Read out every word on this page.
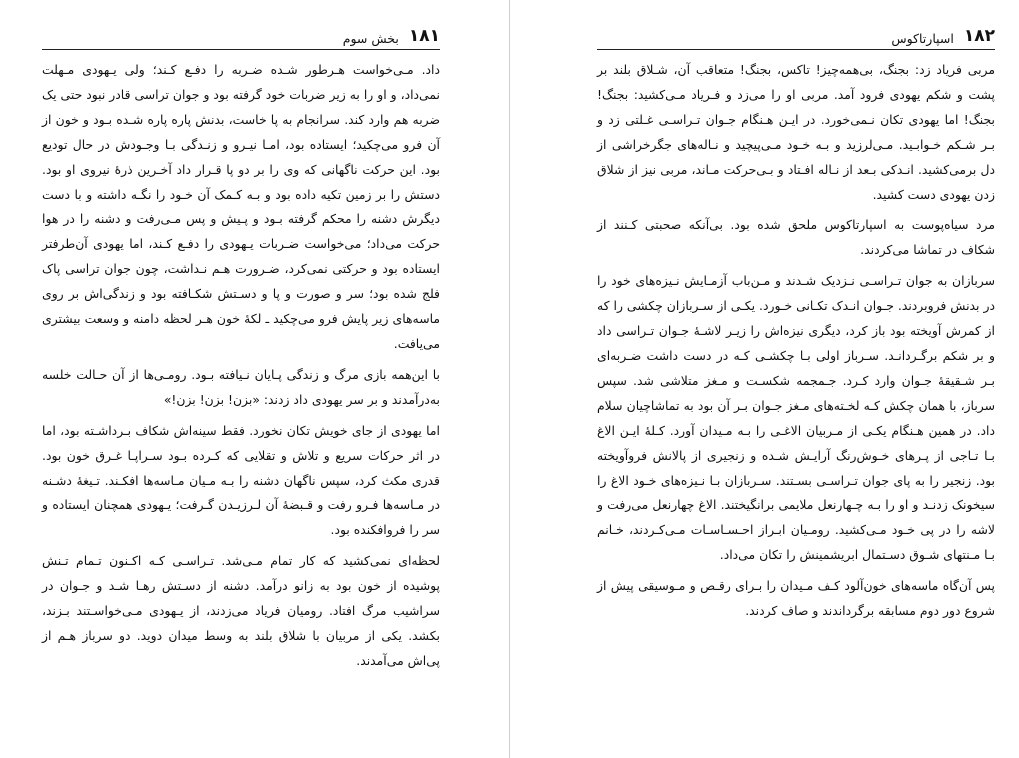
۱۸۱
بخش سوم

داد. مـی‌خواست هـرطور شـده ضـربه را دفـع کـند؛ ولی یـهودی مـهلت نمی‌داد، و او را به زیر ضربات خود گرفته بود و جوان تراسی قادر نبود حتی یک ضربه هم وارد کند. سرانجام به پا خاست، بدنش پاره پاره شـده بـود و خون از آن فرو می‌چکید؛ ایستاده بود، امـا نیـرو و زنـدگی بـا وجـودش در حال تودیع بود. این حرکت ناگهانی که وی را بر دو پا قـرار داد آخـرین ذرهٔ نیروی او بود. دستش را بر زمین تکیه داده بود و بـه کـمک آن خـود را نگـه داشته و با دست دیگرش دشنه را محکم گرفته بـود و پـیش و پس مـی‌رفت و دشنه را در هوا حرکت می‌داد؛ می‌خواست ضـربات یـهودی را دفـع کـند، اما یهودی آن‌طرفتر ایستاده بود و حرکتی نمی‌کرد، ضـرورت هـم نـداشت، چون جوان تراسی پاک فلج شده بود؛ سر و صورت و پا و دسـتش شکـافته بود و زندگی‌اش بر روی ماسه‌های زیر پایش فرو می‌چکید ـ لکهٔ خون هـر لحظه دامنه و وسعت بیشتری می‌یافت.

با این‌همه بازی مرگ و زندگی پـایان نـیافته بـود. رومـی‌ها از آن حـالت خلسه به‌درآمدند و بر سر یهودی داد زدند: «بزن! بزن! بزن!»

اما یهودی از جای خویش تکان نخورد. فقط سینه‌اش شکاف بـرداشـته بود، اما در اثر حرکات سریع و تلاش و تقلایی که کـرده بـود سـراپـا غـرق خون بود. قدری مکث کرد، سپس ناگهان دشنه را بـه مـیان مـاسه‌ها افکـند. تـیغهٔ دشـنه در مـاسه‌ها فـرو رفت و قـبضهٔ آن لـرزیـدن گـرفت؛ یـهودی همچنان ایستاده و سر را فروافکنده بود.

لحظه‌ای نمی‌کشید که کار تمام مـی‌شد. تـراسـی کـه اکـنون تـمام تـنش پوشیده از خون بود به زانو درآمد. دشنه از دسـتش رهـا شـد و جـوان در سراشیب مرگ افتاد. رومیان فریاد می‌زدند، از یـهودی مـی‌خواسـتند بـزند، بکشد. یکی از مربیان با شلاق بلند به وسط میدان دوید. دو سرباز هـم از پی‌اش می‌آمدند.

۱۸۲
اسپارتاکوس

مربی فریاد زد: بجنگ، بی‌همه‌چیز! تاکس، بجنگ! متعاقب آن، شـلاق بلند بر پشت و شکم یهودی فرود آمد. مربی او را می‌زد و فـریاد مـی‌کشید: بجنگ! بجنگ! اما یهودی تکان نـمی‌خورد. در ایـن هـنگام جـوان تـراسـی غـلتی زد و بـر شـکم خـوابـید. مـی‌لرزید و بـه خـود مـی‌پیچید و نـاله‌های جگرخراشی از دل برمی‌کشید. انـدکی بـعد از نـاله افـتاد و بـی‌حرکت مـاند، مربی نیز از شلاق زدن یهودی دست کشید.

مرد سیاه‌پوست به اسپارتاکوس ملحق شده بود. بی‌آنکه صحبتی کـنند از شکاف در تماشا می‌کردند.

سربازان به جوان تـراسـی نـزدیک شـدند و مـن‌باب آزمـایش نـیزه‌های خود را در بدنش فروبردند. جـوان انـدک تکـانی خـورد. یکـی از سـربازان چکشی را که از کمرش آویخته بود باز کرد، دیگری نیزه‌اش را زیـر لاشـهٔ جـوان تـراسی داد و بر شکم برگـردانـد. سـرباز اولی بـا چکشـی کـه در دست داشت ضـربه‌ای بـر شـقیقهٔ جـوان وارد کـرد. جـمجمه شکسـت و مـغز متلاشی شد. سپس سرباز، با همان چکش کـه لخـته‌های مـغز جـوان بـر آن بود به تماشاچیان سلام داد. در همین هـنگام یکـی از مـربیان الاغـی را بـه مـیدان آورد. کـلهٔ ایـن الاغ بـا تـاجی از پـرهای خـوش‌رنگ آرایـش شـده و زنجیری از پالانش فروآویخته بود. زنجیر را به پای جوان تـراسـی بسـتند. سـربازان بـا نـیزه‌های خـود الاغ را سیخونک زدنـد و او را بـه چـهارنعل ملایمی برانگیختند. الاغ چهارنعل می‌رفت و لاشه را در پی خـود مـی‌کشید. رومـیان ابـراز احـسـاسـات مـی‌کـردند، خـانم بـا مـنتهای شـوق دسـتمال ابریشمینش را تکان می‌داد.

پس آن‌گاه ماسه‌های خون‌آلود کـف مـیدان را بـرای رقـص و مـوسیقی پیش از شروع دور دوم مسابقه برگرداندند و صاف کردند.
